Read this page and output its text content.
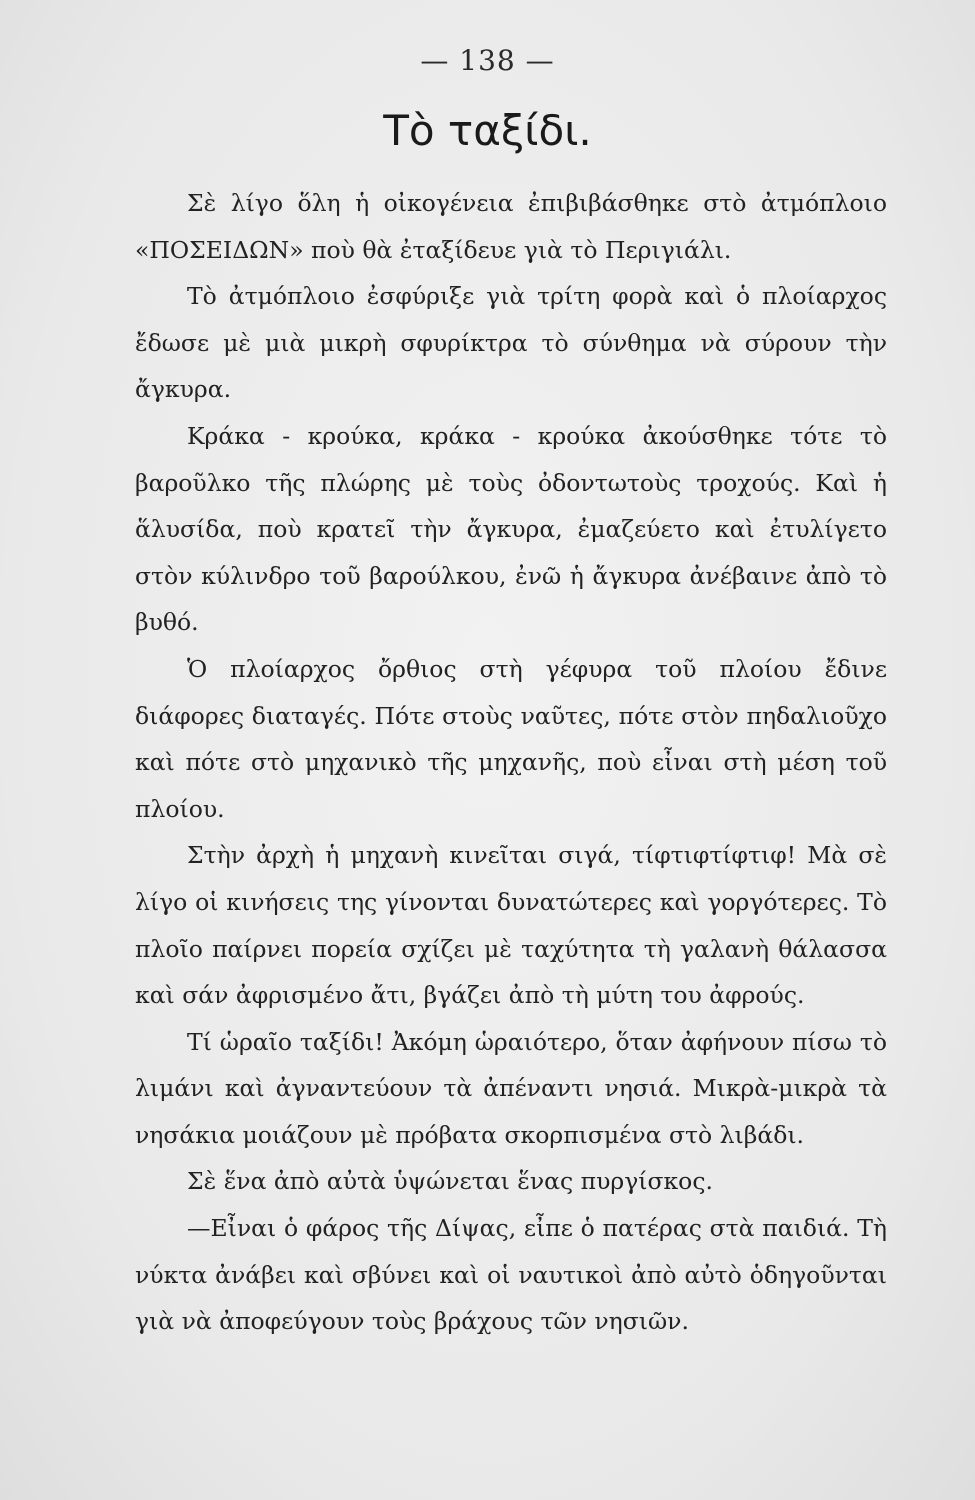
— 138 —
Τὸ ταξίδι.

Σὲ λίγο ὅλη ἡ οἰκογένεια ἐπιβιβάσθηκε στὸ ἀτμόπλοιο «ΠΟΣΕΙΔΩΝ» ποὺ θὰ ἐταξίδευε γιὰ τὸ Περιγιάλι.

Τὸ ἀτμόπλοιο ἐσφύριξε γιὰ τρίτη φορὰ καὶ ὁ πλοίαρχος ἔδωσε μὲ μιὰ μικρὴ σφυρίκτρα τὸ σύνθημα νὰ σύρουν τὴν ἄγκυρα.

Κράκα - κρούκα, κράκα - κρούκα ἀκούσθηκε τότε τὸ βαροῦλκο τῆς πλώρης μὲ τοὺς ὀδοντωτοὺς τροχούς. Καὶ ἡ ἅλυσίδα, ποὺ κρατεῖ τὴν ἄγκυρα, ἐμαζεύετο καὶ ἐτυλίγετο στὸν κύλινδρο τοῦ βαρούλκου, ἐνῶ ἡ ἄγκυρα ἀνέβαινε ἀπὸ τὸ βυθό.

Ὁ πλοίαρχος ὄρθιος στὴ γέφυρα τοῦ πλοίου ἔδινε διάφορες διαταγές. Πότε στοὺς ναῦτες, πότε στὸν πηδαλιοῦχο καὶ πότε στὸ μηχανικὸ τῆς μηχανῆς, ποὺ εἶναι στὴ μέση τοῦ πλοίου.

Στὴν ἀρχὴ ἡ μηχανὴ κινεῖται σιγά, τίφτιφτίφτιφ! Μὰ σὲ λίγο οἱ κινήσεις της γίνονται δυνατώτερες καὶ γοργότερες. Τὸ πλοῖο παίρνει πορεία σχίζει μὲ ταχύτητα τὴ γαλανὴ θάλασσα καὶ σάν ἀφρισμένο ἄτι, βγάζει ἀπὸ τὴ μύτη του ἀφρούς.

Τί ὡραῖο ταξίδι! Ἀκόμη ὡραιότερο, ὅταν ἀφήνουν πίσω τὸ λιμάνι καὶ ἀγναντεύουν τὰ ἀπέναντι νησιά. Μικρὰ-μικρὰ τὰ νησάκια μοιάζουν μὲ πρόβατα σκορπισμένα στὸ λιβάδι.

Σὲ ἕνα ἀπὸ αὐτὰ ὑψώνεται ἕνας πυργίσκος.

—Εἶναι ὁ φάρος τῆς Δίψας, εἶπε ὁ πατέρας στὰ παιδιά. Τὴ νύκτα ἀνάβει καὶ σβύνει καὶ οἱ ναυτικοὶ ἀπὸ αὐτὸ ὁδηγοῦνται γιὰ νὰ ἀποφεύγουν τοὺς βράχους τῶν νησιῶν.
